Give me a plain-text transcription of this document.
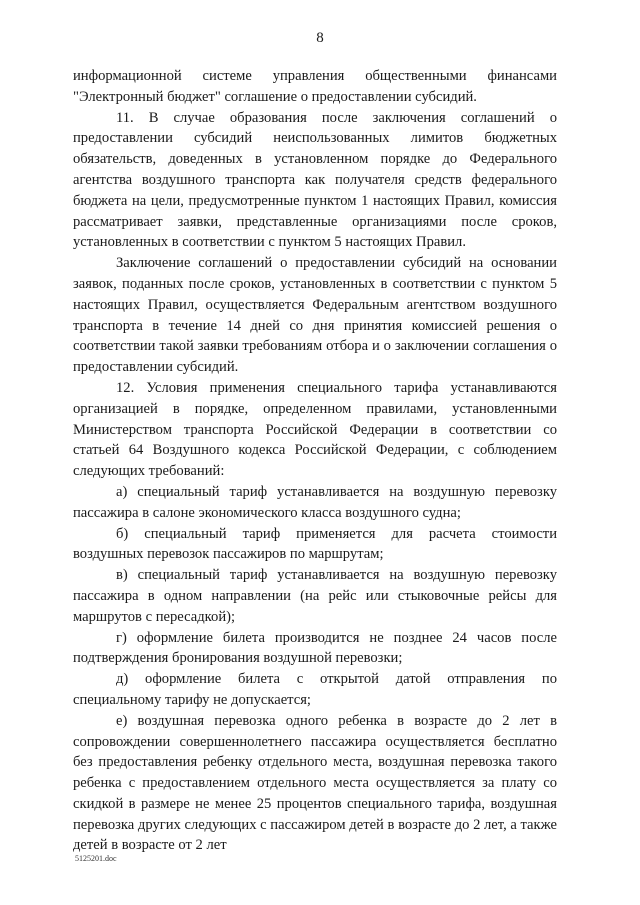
8

информационной системе управления общественными финансами "Электронный бюджет" соглашение о предоставлении субсидий.

11. В случае образования после заключения соглашений о предоставлении субсидий неиспользованных лимитов бюджетных обязательств, доведенных в установленном порядке до Федерального агентства воздушного транспорта как получателя средств федерального бюджета на цели, предусмотренные пунктом 1 настоящих Правил, комиссия рассматривает заявки, представленные организациями после сроков, установленных в соответствии с пунктом 5 настоящих Правил.

Заключение соглашений о предоставлении субсидий на основании заявок, поданных после сроков, установленных в соответствии с пунктом 5 настоящих Правил, осуществляется Федеральным агентством воздушного транспорта в течение 14 дней со дня принятия комиссией решения о соответствии такой заявки требованиям отбора и о заключении соглашения о предоставлении субсидий.

12. Условия применения специального тарифа устанавливаются организацией в порядке, определенном правилами, установленными Министерством транспорта Российской Федерации в соответствии со статьей 64 Воздушного кодекса Российской Федерации, с соблюдением следующих требований:

а) специальный тариф устанавливается на воздушную перевозку пассажира в салоне экономического класса воздушного судна;

б) специальный тариф применяется для расчета стоимости воздушных перевозок пассажиров по маршрутам;

в) специальный тариф устанавливается на воздушную перевозку пассажира в одном направлении (на рейс или стыковочные рейсы для маршрутов с пересадкой);

г) оформление билета производится не позднее 24 часов после подтверждения бронирования воздушной перевозки;

д) оформление билета с открытой датой отправления по специальному тарифу не допускается;

е) воздушная перевозка одного ребенка в возрасте до 2 лет в сопровождении совершеннолетнего пассажира осуществляется бесплатно без предоставления ребенку отдельного места, воздушная перевозка такого ребенка с предоставлением отдельного места осуществляется за плату со скидкой в размере не менее 25 процентов специального тарифа, воздушная перевозка других следующих с пассажиром детей в возрасте до 2 лет, а также детей в возрасте от 2 лет

5125201.doc
